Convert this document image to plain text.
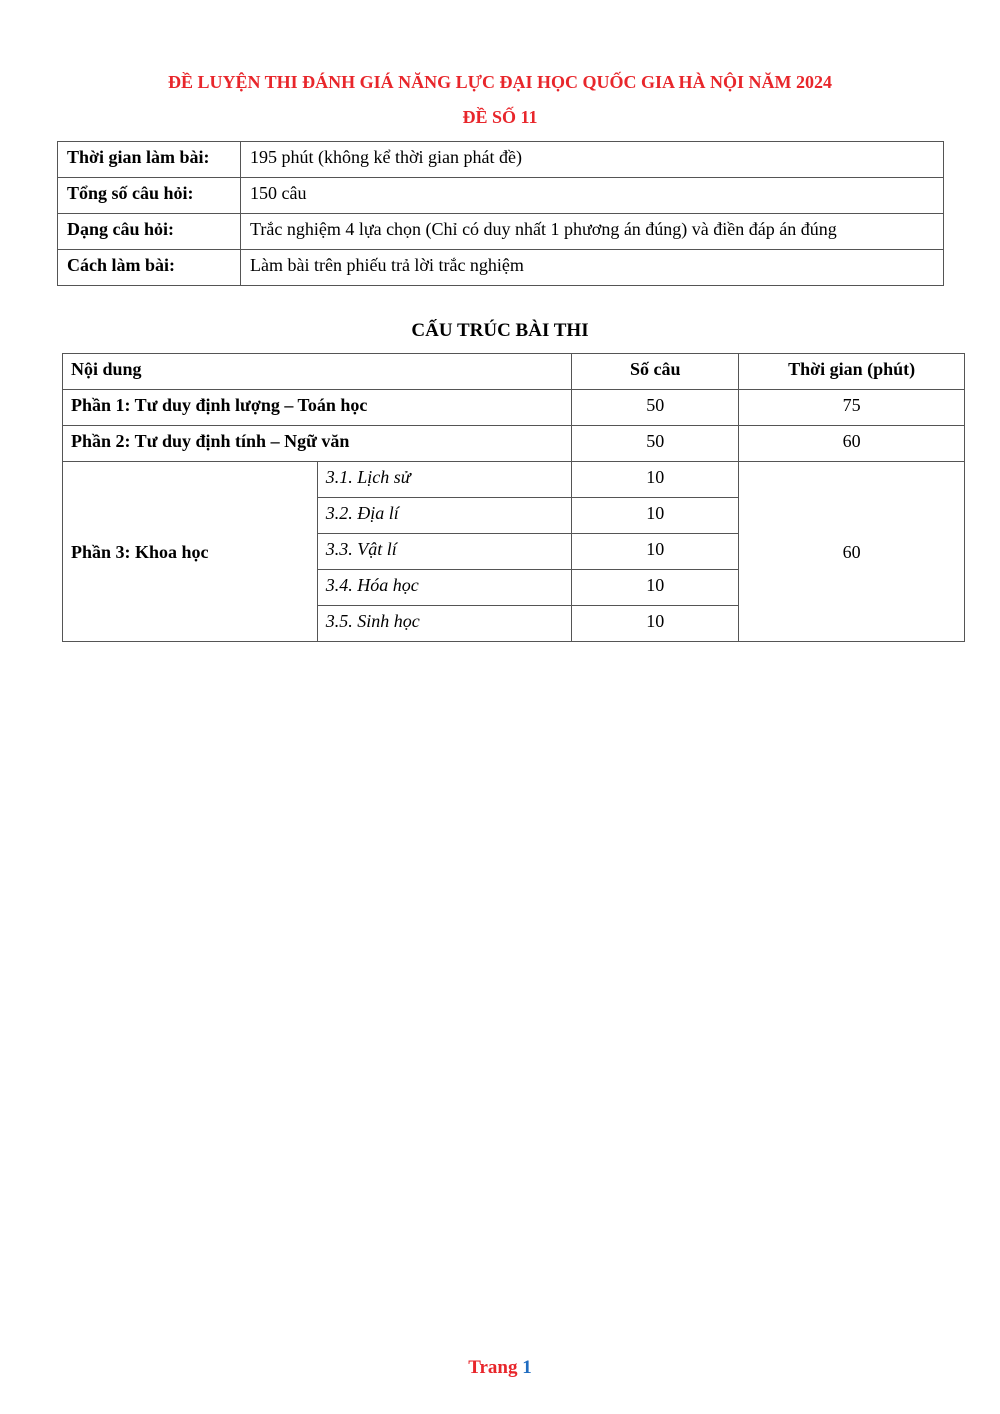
ĐỀ LUYỆN THI ĐÁNH GIÁ NĂNG LỰC ĐẠI HỌC QUỐC GIA HÀ NỘI NĂM 2024
ĐỀ SỐ 11
Thời gian làm bài:	195 phút (không kể thời gian phát đề)
Tổng số câu hỏi:	150 câu
Dạng câu hỏi:	Trắc nghiệm 4 lựa chọn (Chỉ có duy nhất 1 phương án đúng) và điền đáp án đúng
Cách làm bài:	Làm bài trên phiếu trả lời trắc nghiệm
CẤU TRÚC BÀI THI
Nội dung		Số câu	Thời gian (phút)
Phần 1: Tư duy định lượng – Toán học		50	75
Phần 2: Tư duy định tính – Ngữ văn		50	60
Phần 3: Khoa học	3.1. Lịch sử	10	60
	3.2. Địa lí	10	
	3.3. Vật lí	10	
	3.4. Hóa học	10	
	3.5. Sinh học	10	

Trang 1
